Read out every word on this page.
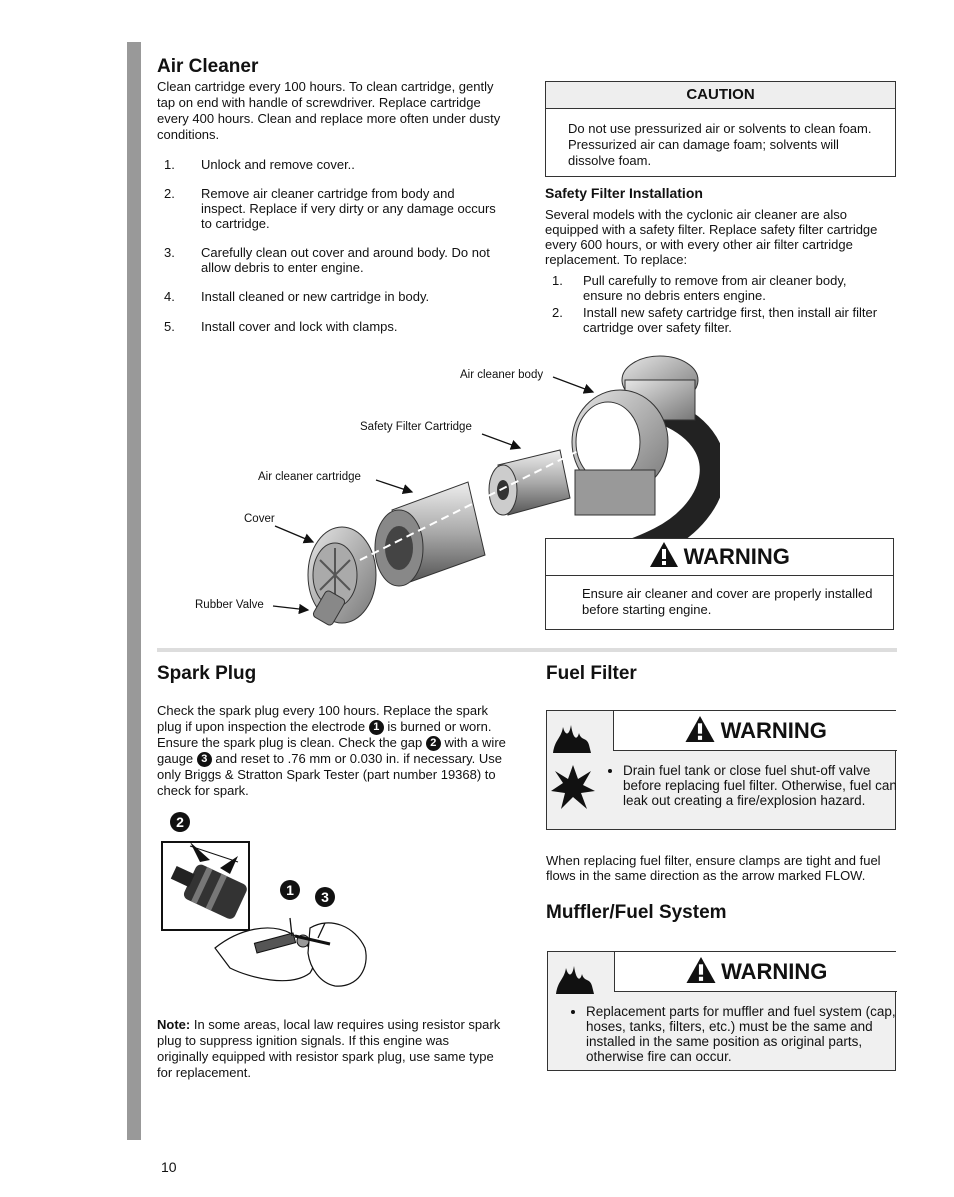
Air Cleaner

Clean cartridge every 100 hours. To clean cartridge, gently tap on end with handle of screwdriver. Replace cartridge every 400 hours. Clean and replace more often under dusty conditions.

1.	Unlock and remove cover..
2.	Remove air cleaner cartridge from body and inspect. Replace if very dirty or any damage occurs to cartridge.
3.	Carefully clean out cover and around body. Do not allow debris to enter engine.
4.	Install cleaned or new cartridge in body.
5.	Install cover and lock with clamps.
CAUTION

Do not use pressurized air or solvents to clean foam. Pressurized air can damage foam; solvents will dissolve foam.

Safety Filter Installation

Several models with the cyclonic air cleaner are also equipped with a safety filter. Replace safety filter cartridge every 600 hours, or with every other air filter cartridge replacement. To replace:

1.	Pull carefully to remove from air cleaner body, ensure no debris enters engine.
2.	Install new safety cartridge first, then install air filter cartridge over safety filter.
Air cleaner body
Safety Filter Cartridge
Air cleaner cartridge
Cover
Rubber Valve
WARNING

Ensure air cleaner and cover are properly installed before starting engine.

Spark Plug

Check the spark plug every 100 hours. Replace the spark plug if upon inspection the electrode 1 is burned or worn. Ensure the spark plug is clean. Check the gap 2 with a wire gauge 3 and reset to .76 mm or 0.030 in. if necessary. Use only Briggs & Stratton Spark Tester (part number 19368) to check for spark.

2
1	3

Note: In some areas, local law requires using resistor spark plug to suppress ignition signals. If this engine was originally equipped with resistor spark plug, use same type for replacement.

Fuel Filter
WARNING
• Drain fuel tank or close fuel shut-off valve before replacing fuel filter. Otherwise, fuel can leak out creating a fire/explosion hazard.

When replacing fuel filter, ensure clamps are tight and fuel flows in the same direction as the arrow marked FLOW.

Muffler/Fuel System
WARNING
• Replacement parts for muffler and fuel system (cap, hoses, tanks, filters, etc.) must be the same and installed in the same position as original parts, otherwise fire can occur.
10
